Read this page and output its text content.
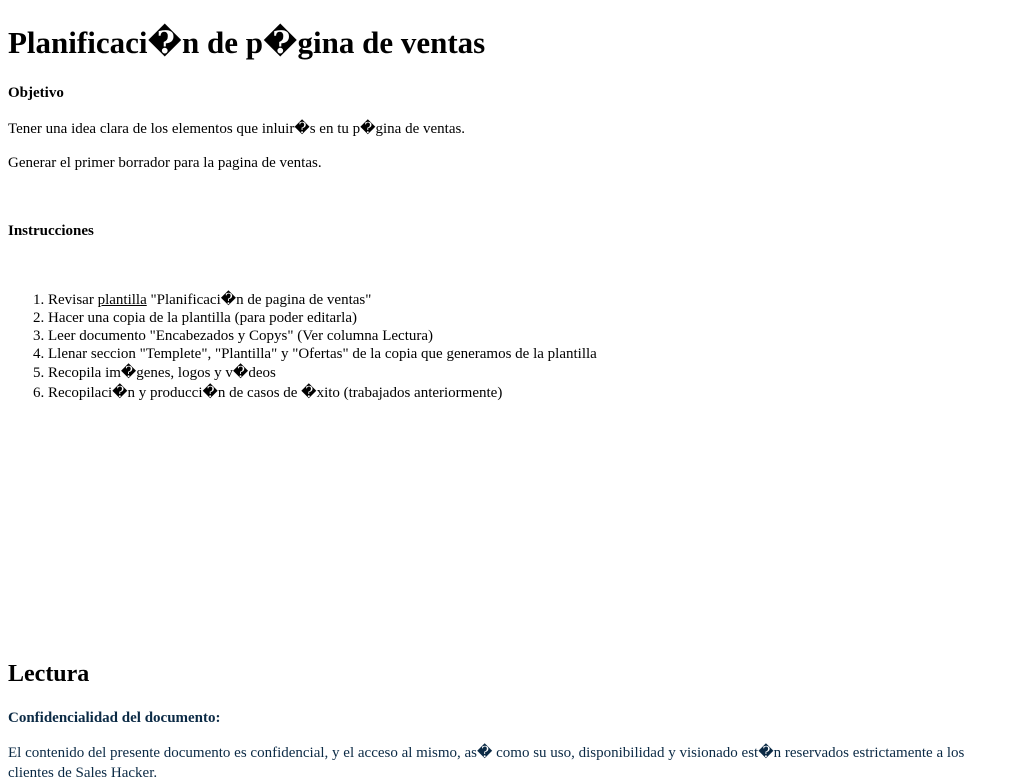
Planificaci�n de p�gina de ventas
Objetivo
Tener una idea clara de los elementos que inluir�s en tu p�gina de ventas.
Generar el primer borrador para la pagina de ventas.
Instrucciones
1. Revisar plantilla "Planificaci�n de pagina de ventas"
2. Hacer una copia de la plantilla (para poder editarla)
3. Leer documento "Encabezados y Copys" (Ver columna Lectura)
4. Llenar seccion "Templete", "Plantilla" y "Ofertas" de la copia que generamos de la plantilla
5. Recopila im�genes, logos y v�deos
6. Recopilaci�n y producci�n de casos de �xito (trabajados anteriormente)
Lectura
Confidencialidad del documento:
El contenido del presente documento es confidencial, y el acceso al mismo, as� como su uso, disponibilidad y visionado est�n reservados estrictamente a los clientes de Sales Hacker.
